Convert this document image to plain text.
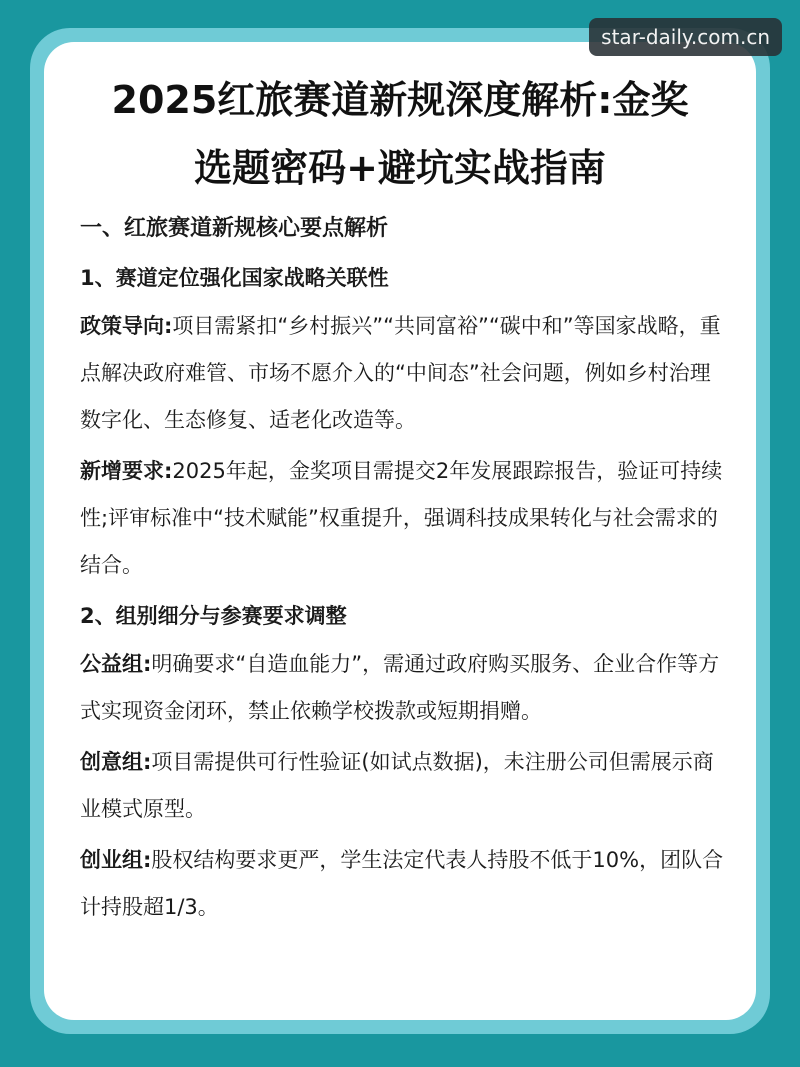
star-daily.com.cn
2025红旅赛道新规深度解析:金奖
选题密码+避坑实战指南
一、红旅赛道新规核心要点解析
1、赛道定位强化国家战略关联性
政策导向:项目需紧扣“乡村振兴”“共同富裕”“碳中和”等国家战略，重点解决政府难管、市场不愿介入的“中间态”社会问题，例如乡村治理数字化、生态修复、适老化改造等。
新增要求:2025年起，金奖项目需提交2年发展跟踪报告，验证可持续性;评审标准中“技术赋能”权重提升，强调科技成果转化与社会需求的结合。
2、组别细分与参赛要求调整
公益组:明确要求“自造血能力”，需通过政府购买服务、企业合作等方式实现资金闭环，禁止依赖学校拨款或短期捐赠。
创意组:项目需提供可行性验证(如试点数据)，未注册公司但需展示商业模式原型。
创业组:股权结构要求更严，学生法定代表人持股不低于10%，团队合计持股超1/3。
